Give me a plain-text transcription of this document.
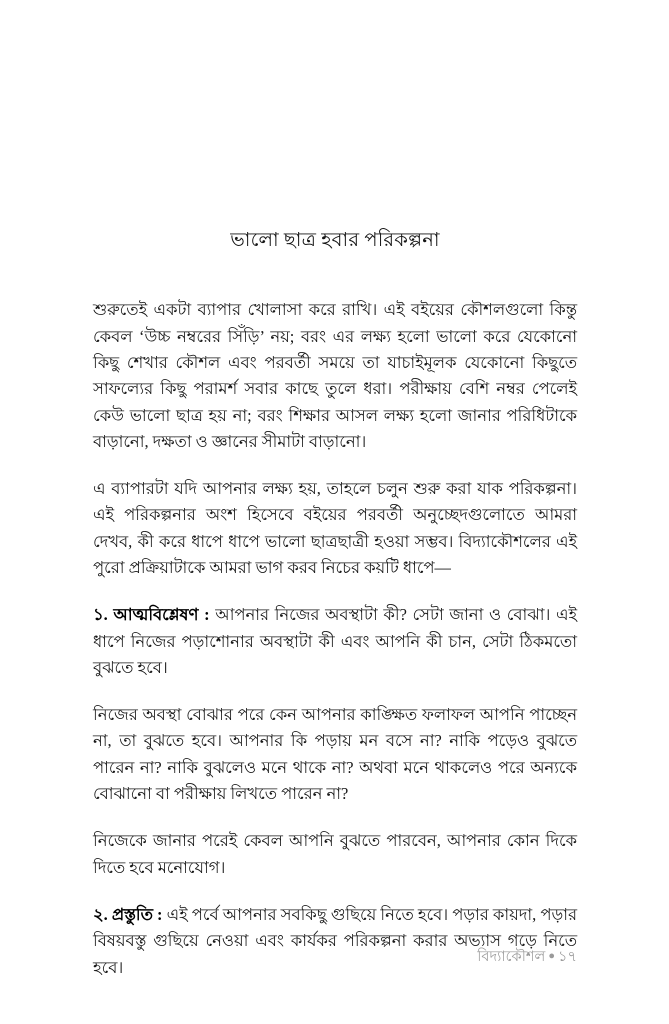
ভালো ছাত্র হবার পরিকল্পনা

শুরুতেই একটা ব্যাপার খোলাসা করে রাখি। এই বইয়ের কৌশলগুলো কিন্তু কেবল ‘উচ্চ নম্বরের সিঁড়ি’ নয়; বরং এর লক্ষ্য হলো ভালো করে যেকোনো কিছু শেখার কৌশল এবং পরবর্তী সময়ে তা যাচাইমূলক যেকোনো কিছুতে সাফল্যের কিছু পরামর্শ সবার কাছে তুলে ধরা। পরীক্ষায় বেশি নম্বর পেলেই কেউ ভালো ছাত্র হয় না; বরং শিক্ষার আসল লক্ষ্য হলো জানার পরিধিটাকে বাড়ানো, দক্ষতা ও জ্ঞানের সীমাটা বাড়ানো।

এ ব্যাপারটা যদি আপনার লক্ষ্য হয়, তাহলে চলুন শুরু করা যাক পরিকল্পনা। এই পরিকল্পনার অংশ হিসেবে বইয়ের পরবর্তী অনুচ্ছেদগুলোতে আমরা দেখব, কী করে ধাপে ধাপে ভালো ছাত্রছাত্রী হওয়া সম্ভব। বিদ্যাকৌশলের এই পুরো প্রক্রিয়াটাকে আমরা ভাগ করব নিচের কয়টি ধাপে—

১. আত্মবিশ্লেষণ : আপনার নিজের অবস্থাটা কী? সেটা জানা ও বোঝা। এই ধাপে নিজের পড়াশোনার অবস্থাটা কী এবং আপনি কী চান, সেটা ঠিকমতো বুঝতে হবে।

নিজের অবস্থা বোঝার পরে কেন আপনার কাঙ্ক্ষিত ফলাফল আপনি পাচ্ছেন না, তা বুঝতে হবে। আপনার কি পড়ায় মন বসে না? নাকি পড়েও বুঝতে পারেন না? নাকি বুঝলেও মনে থাকে না? অথবা মনে থাকলেও পরে অন্যকে বোঝানো বা পরীক্ষায় লিখতে পারেন না?

নিজেকে জানার পরেই কেবল আপনি বুঝতে পারবেন, আপনার কোন দিকে দিতে হবে মনোযোগ।

২. প্রস্তুতি : এই পর্বে আপনার সবকিছু গুছিয়ে নিতে হবে। পড়ার কায়দা, পড়ার বিষয়বস্তু গুছিয়ে নেওয়া এবং কার্যকর পরিকল্পনা করার অভ্যাস গড়ে নিতে হবে।

বিদ্যাকৌশল ● ১৭
